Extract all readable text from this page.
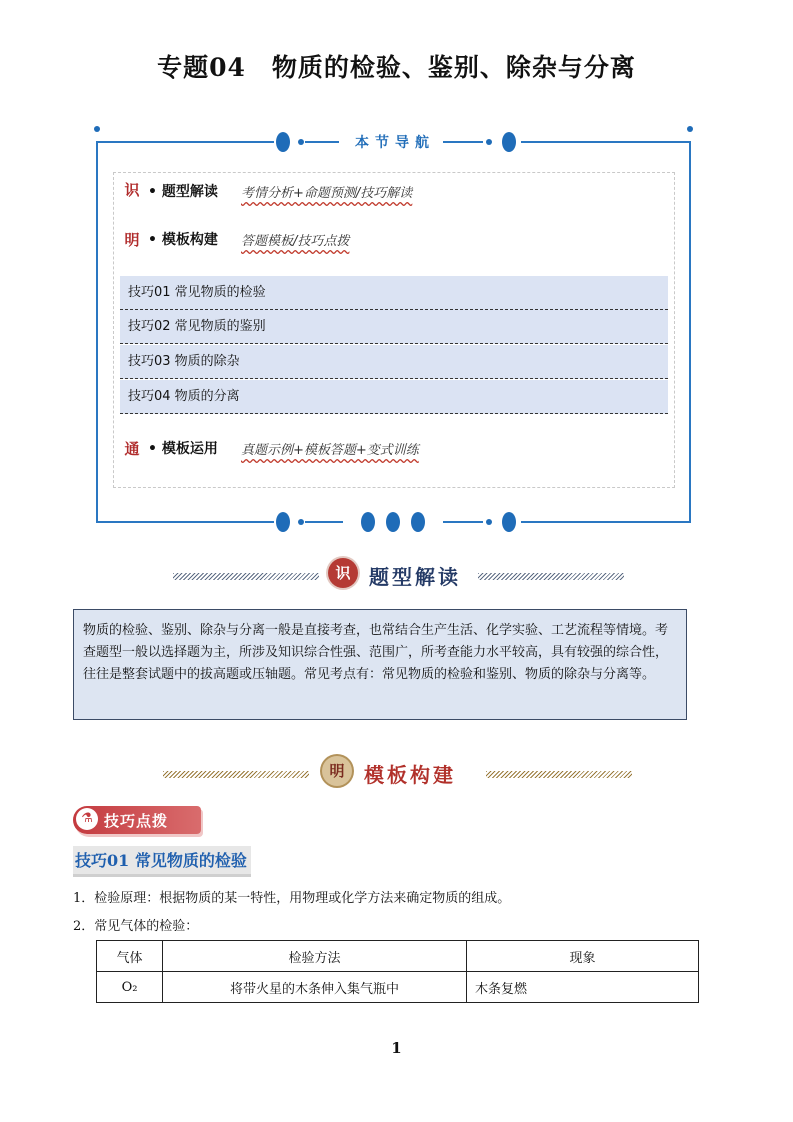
专题04　物质的检验、鉴别、除杂与分离
本节导航
识 • 题型解读 考情分析+命题预测/技巧解读
明 • 模板构建 答题模板/技巧点拨
技巧01 常见物质的检验
技巧02 常见物质的鉴别
技巧03 物质的除杂
技巧04 物质的分离
通 • 模板运用 真题示例+模板答题+变式训练
识 题型解读
物质的检验、鉴别、除杂与分离一般是直接考查，也常结合生产生活、化学实验、工艺流程等情境。考查题型一般以选择题为主，所涉及知识综合性强、范围广，所考查能力水平较高，具有较强的综合性，往往是整套试题中的拔高题或压轴题。常见考点有：常见物质的检验和鉴别、物质的除杂与分离等。
明 模板构建
⚗ 技巧点拨
技巧01 常见物质的检验
1．检验原理：根据物质的某一特性，用物理或化学方法来确定物质的组成。
2．常见气体的检验：
气体	检验方法	现象
O₂	将带火星的木条伸入集气瓶中	木条复燃
1
